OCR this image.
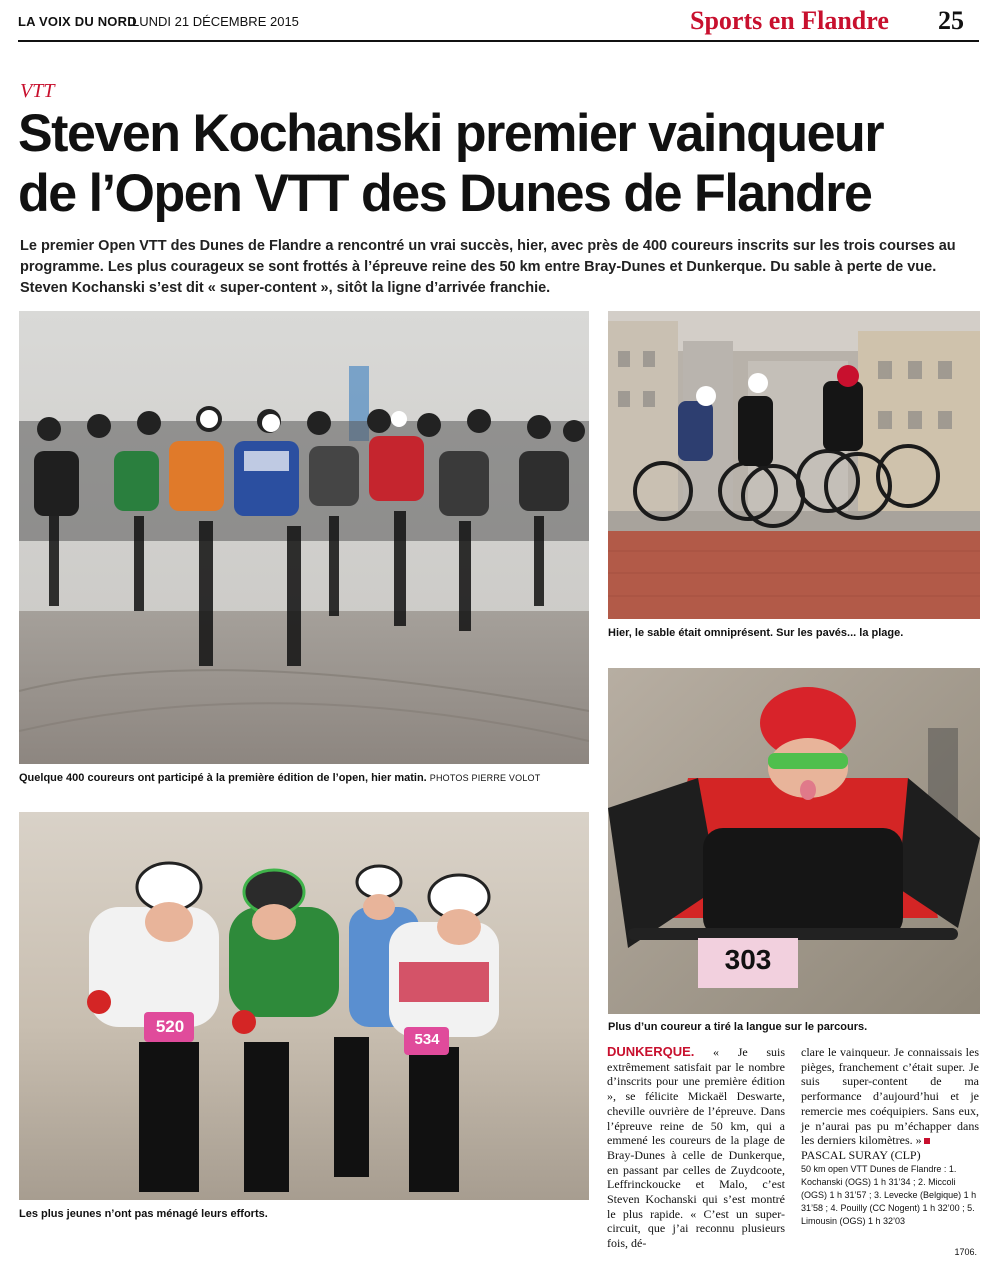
LA VOIX DU NORD
LUNDI 21 DÉCEMBRE 2015	Sports en Flandre 25
VTT
Steven Kochanski premier vainqueur
de l’Open VTT des Dunes de Flandre
Le premier Open VTT des Dunes de Flandre a rencontré un vrai succès, hier, avec près de 400 coureurs inscrits sur les trois courses au programme. Les plus courageux se sont frottés à l’épreuve reine des 50 km entre Bray-Dunes et Dunkerque. Du sable à perte de vue. Steven Kochanski s’est dit « super-content », sitôt la ligne d’arrivée franchie.
Quelque 400 coureurs ont participé à la première édition de l’open, hier matin. PHOTOS PIERRE VOLOT
Hier, le sable était omniprésent. Sur les pavés... la plage.
303
Plus d’un coureur a tiré la langue sur le parcours.
520
534
Les plus jeunes n’ont pas ménagé leurs efforts.
DUNKERQUE. « Je suis extrêmement satisfait par le nombre d’inscrits pour une première édition », se félicite Mickaël Deswarte, cheville ouvrière de l’épreuve. Dans l’épreuve reine de 50 km, qui a emmené les coureurs de la plage de Bray-Dunes à celle de Dunkerque, en passant par celles de Zuydcoote, Leffrinckoucke et Malo, c’est Steven Kochanski qui s’est montré le plus rapide. « C’est un super-circuit, que j’ai reconnu plusieurs fois, dé-
clare le vainqueur. Je connaissais les pièges, franchement c’était super. Je suis super-content de ma performance d’aujourd’hui et je remercie mes coéquipiers. Sans eux, je n’aurai pas pu m’échapper dans les derniers kilomètres. »
PASCAL SURAY (CLP)
50 km open VTT Dunes de Flandre : 1. Kochanski (OGS) 1 h 31’34 ; 2. Miccoli (OGS) 1 h 31’57 ; 3. Levecke (Belgique) 1 h 31’58 ; 4. Pouilly (CC Nogent) 1 h 32’00 ; 5. Limousin (OGS) 1 h 32’03
1706.
